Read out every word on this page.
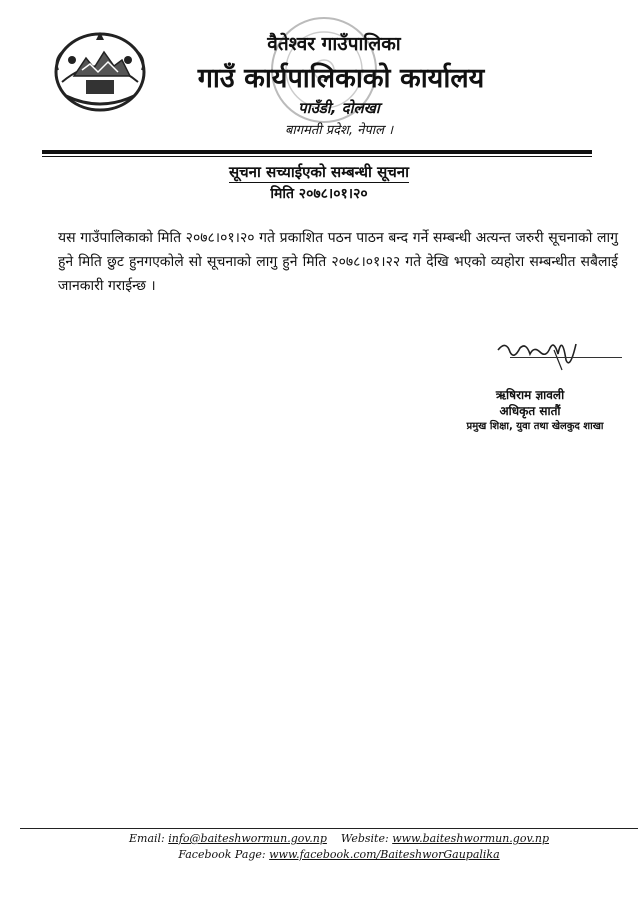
वैतेश्वर गाउँपालिका
गाउँ कार्यपालिकाको कार्यालय
पाउँडी, दोलखा
बागमती प्रदेश, नेपाल ।
सूचना सच्याईएको सम्बन्धी सूचना
मिति २०७८।०१।२०
यस गाउँपालिकाको मिति २०७८।०१।२० गते प्रकाशित पठन पाठन बन्द गर्ने सम्बन्धी अत्यन्त जरुरी सूचनाको लागु हुने मिति छुट हुनगएकोले सो सूचनाको लागु हुने मिति २०७८।०१।२२ गते देखि भएको व्यहोरा सम्बन्धीत सबैलाई जानकारी गराईन्छ ।
ऋषिराम ज्ञावली
अधिकृत सातौं
प्रमुख शिक्षा, युवा तथा खेलकुद शाखा
Email: info@baiteshwormun.gov.np Website: www.baiteshwormun.gov.np
Facebook Page: www.facebook.com/BaiteshworGaupalika
